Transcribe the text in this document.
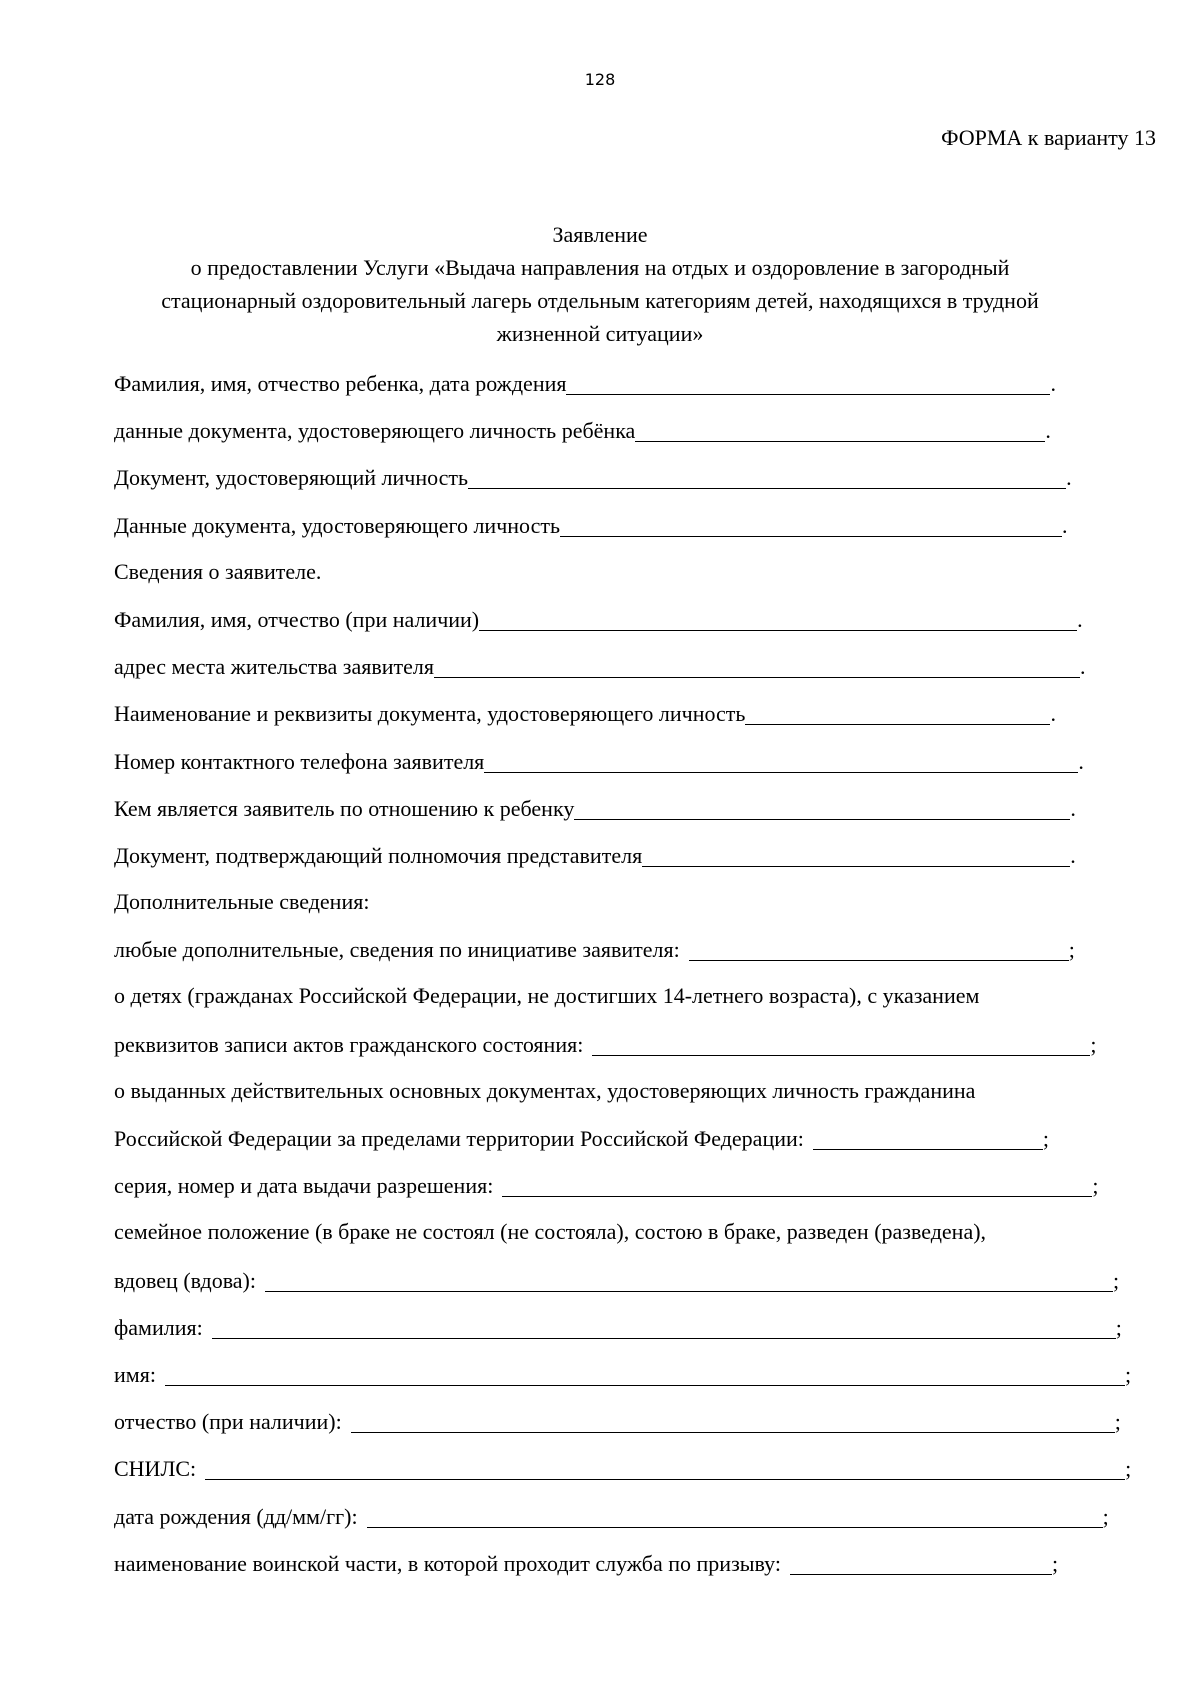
128
ФОРМА к варианту 13
Заявление
о предоставлении Услуги «Выдача направления на отдых и оздоровление в загородный
стационарный оздоровительный лагерь отдельным категориям детей, находящихся в трудной
жизненной ситуации»
Фамилия, имя, отчество ребенка, дата рождения	.
данные документа, удостоверяющего личность ребёнка	.
Документ, удостоверяющий личность	.
Данные документа, удостоверяющего личность	.
Сведения о заявителе.
Фамилия, имя, отчество (при наличии)	.
адрес места жительства заявителя	.
Наименование и реквизиты документа, удостоверяющего личность	.
Номер контактного телефона заявителя	.
Кем является заявитель по отношению к ребенку	.
Документ, подтверждающий полномочия представителя	.
Дополнительные сведения:
любые дополнительные, сведения по инициативе заявителя:	;
о детях (гражданах Российской Федерации, не достигших 14-летнего возраста), с указанием
реквизитов записи актов гражданского состояния:	;
о выданных действительных основных документах, удостоверяющих личность гражданина
Российской Федерации за пределами территории Российской Федерации:	;
серия, номер и дата выдачи разрешения:	;
семейное положение (в браке не состоял (не состояла), состою в браке, разведен (разведена),
вдовец (вдова):	;
фамилия:	;
имя:	;
отчество (при наличии):	;
СНИЛС:	;
дата рождения (дд/мм/гг):	;
наименование воинской части, в которой проходит служба по призыву:	;
